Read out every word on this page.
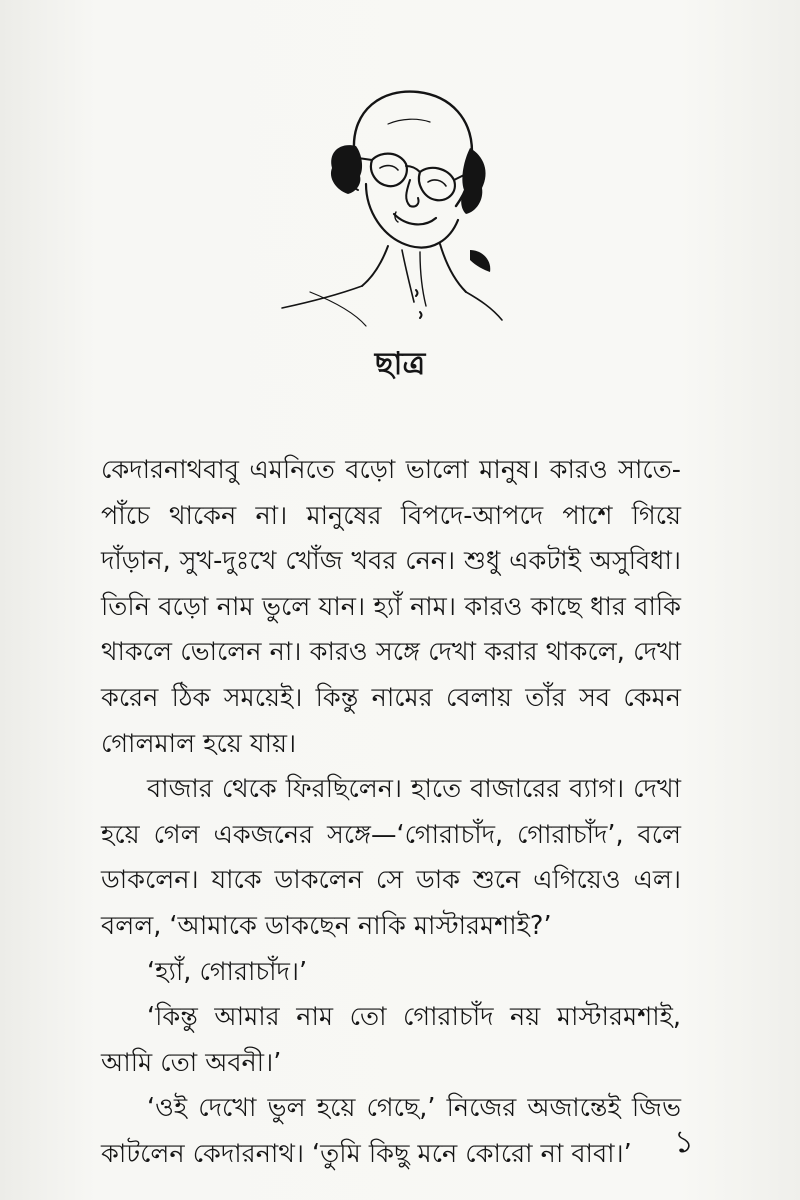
ছাত্র

কেদারনাথবাবু এমনিতে বড়ো ভালো মানুষ। কারও সাতে-পাঁচে থাকেন না। মানুষের বিপদে-আপদে পাশে গিয়ে দাঁড়ান, সুখ-দুঃখে খোঁজ খবর নেন। শুধু একটাই অসুবিধা। তিনি বড়ো নাম ভুলে যান। হ্যাঁ নাম। কারও কাছে ধার বাকি থাকলে ভোলেন না। কারও সঙ্গে দেখা করার থাকলে, দেখা করেন ঠিক সময়েই। কিন্তু নামের বেলায় তাঁর সব কেমন গোলমাল হয়ে যায়।

বাজার থেকে ফিরছিলেন। হাতে বাজারের ব্যাগ। দেখা হয়ে গেল একজনের সঙ্গে—‘গোরাচাঁদ, গোরাচাঁদ’, বলে ডাকলেন। যাকে ডাকলেন সে ডাক শুনে এগিয়েও এল। বলল, ‘আমাকে ডাকছেন নাকি মাস্টারমশাই?’

‘হ্যাঁ, গোরাচাঁদ।’

‘কিন্তু আমার নাম তো গোরাচাঁদ নয় মাস্টারমশাই, আমি তো অবনী।’

‘ওই দেখো ভুল হয়ে গেছে,’ নিজের অজান্তেই জিভ কাটলেন কেদারনাথ। ‘তুমি কিছু মনে কোরো না বাবা।’	১
